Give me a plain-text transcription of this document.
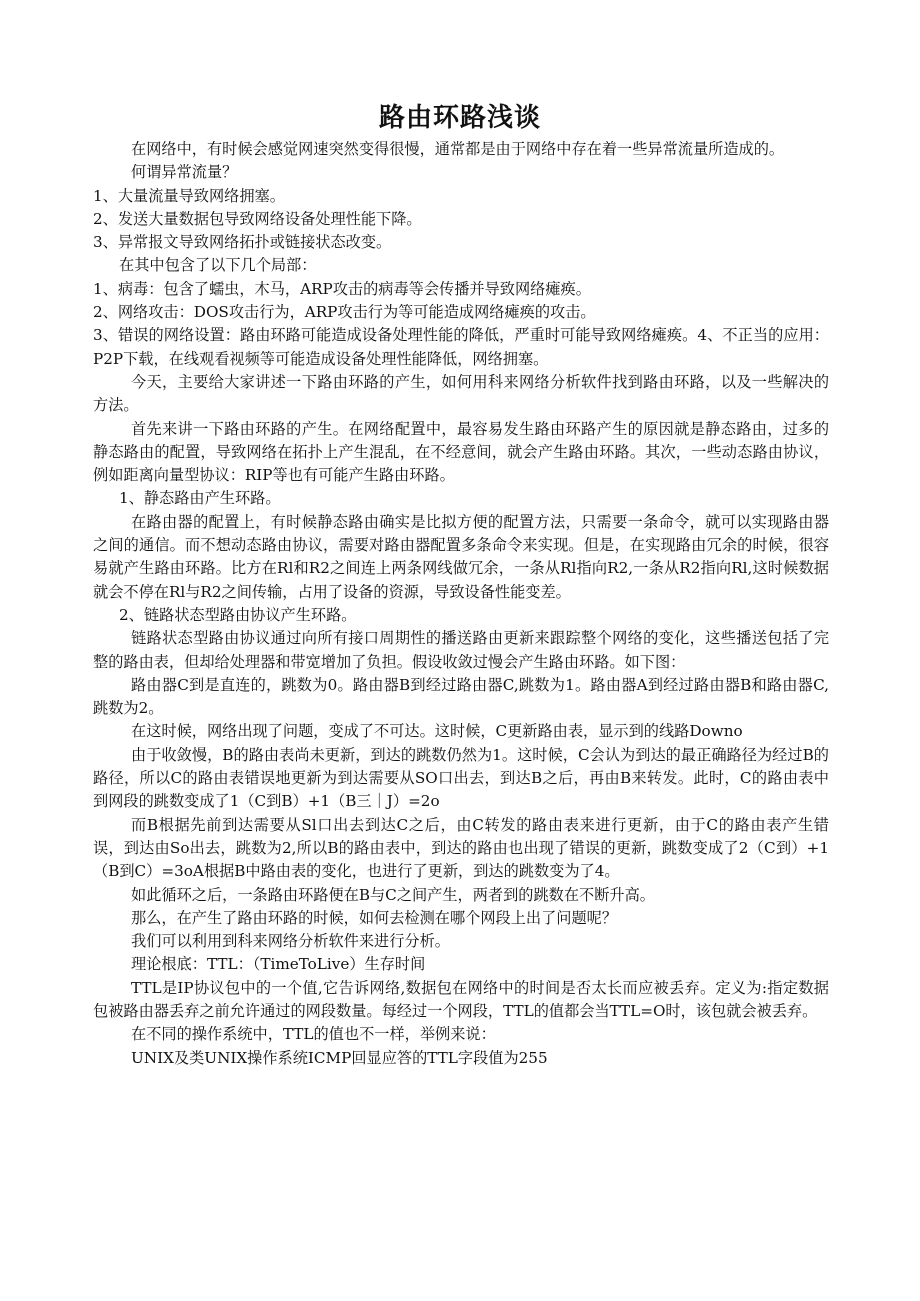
路由环路浅谈

在网络中，有时候会感觉网速突然变得很慢，通常都是由于网络中存在着一些异常流量所造成的。

何谓异常流量？

1、大量流量导致网络拥塞。

2、发送大量数据包导致网络设备处理性能下降。

3、异常报文导致网络拓扑或链接状态改变。

在其中包含了以下几个局部：

1、病毒：包含了蠕虫，木马，ARP攻击的病毒等会传播并导致网络瘫痪。

2、网络攻击：DOS攻击行为，ARP攻击行为等可能造成网络瘫痪的攻击。

3、错误的网络设置：路由环路可能造成设备处理性能的降低，严重时可能导致网络瘫痪。4、不正当的应用：P2P下载，在线观看视频等可能造成设备处理性能降低，网络拥塞。

今天，主要给大家讲述一下路由环路的产生，如何用科来网络分析软件找到路由环路，以及一些解决的方法。

首先来讲一下路由环路的产生。在网络配置中，最容易发生路由环路产生的原因就是静态路由，过多的静态路由的配置，导致网络在拓扑上产生混乱，在不经意间，就会产生路由环路。其次，一些动态路由协议，例如距离向量型协议：RIP等也有可能产生路由环路。

1、静态路由产生环路。

在路由器的配置上，有时候静态路由确实是比拟方便的配置方法，只需要一条命令，就可以实现路由器之间的通信。而不想动态路由协议，需要对路由器配置多条命令来实现。但是，在实现路由冗余的时候，很容易就产生路由环路。比方在Rl和R2之间连上两条网线做冗余，一条从Rl指向R2,一条从R2指向Rl,这时候数据就会不停在Rl与R2之间传输，占用了设备的资源，导致设备性能变差。

2、链路状态型路由协议产生环路。

链路状态型路由协议通过向所有接口周期性的播送路由更新来跟踪整个网络的变化，这些播送包括了完整的路由表，但却给处理器和带宽增加了负担。假设收敛过慢会产生路由环路。如下图：

路由器C到是直连的，跳数为0。路由器B到经过路由器C,跳数为1。路由器A到经过路由器B和路由器C,跳数为2。

在这时候，网络出现了问题，变成了不可达。这时候，C更新路由表，显示到的线路Downo

由于收敛慢，B的路由表尚未更新，到达的跳数仍然为1。这时候，C会认为到达的最正确路径为经过B的路径，所以C的路由表错误地更新为到达需要从SO口出去，到达B之后，再由B来转发。此时，C的路由表中到网段的跳数变成了1（C到B）+1（B三｜J）=2o

而B根据先前到达需要从Sl口出去到达C之后，由C转发的路由表来进行更新，由于C的路由表产生错误，到达由So出去，跳数为2,所以B的路由表中，到达的路由也出现了错误的更新，跳数变成了2（C到）+1（B到C）=3oA根据B中路由表的变化，也进行了更新，到达的跳数变为了4。

如此循环之后，一条路由环路便在B与C之间产生，两者到的跳数在不断升高。

那么，在产生了路由环路的时候，如何去检测在哪个网段上出了问题呢？

我们可以利用到科来网络分析软件来进行分析。

理论根底：TTL：（TimeToLive）生存时间

TTL是IP协议包中的一个值,它告诉网络,数据包在网络中的时间是否太长而应被丢弃。定义为:指定数据包被路由器丢弃之前允许通过的网段数量。每经过一个网段，TTL的值都会当TTL=O时，该包就会被丢弃。

在不同的操作系统中，TTL的值也不一样，举例来说：

UNIX及类UNIX操作系统ICMP回显应答的TTL字段值为255
